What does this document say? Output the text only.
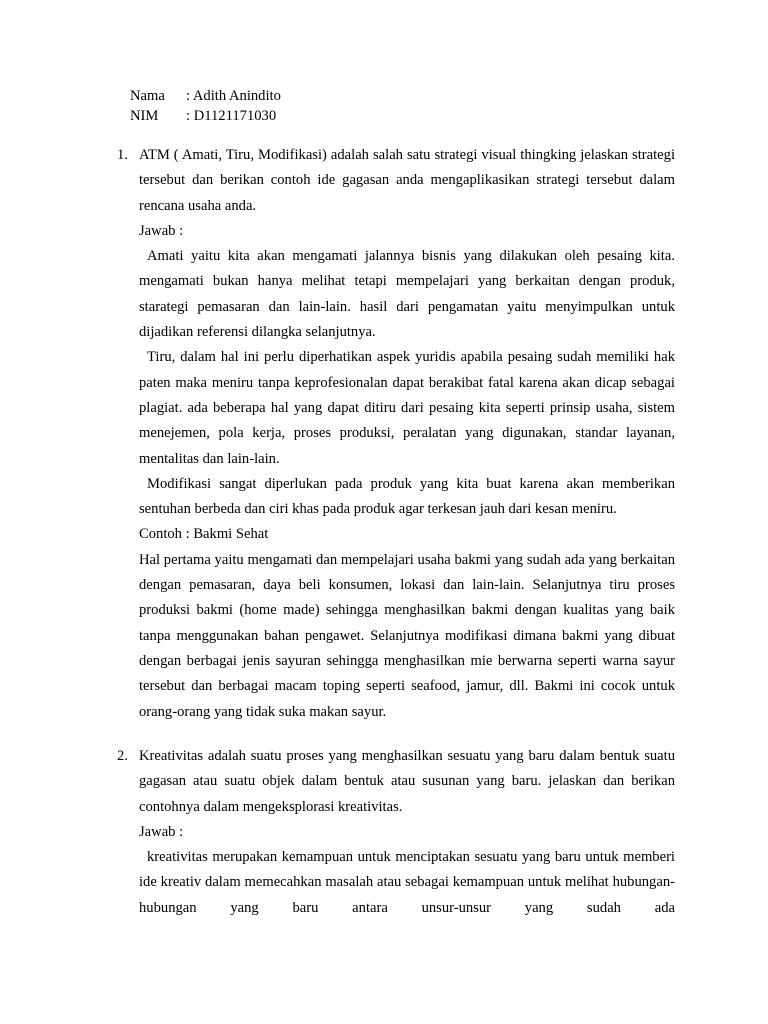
Nama	: Adith Anindito
NIM	: D1121171030
1. ATM ( Amati, Tiru, Modifikasi) adalah salah satu strategi visual thingking jelaskan strategi tersebut dan berikan contoh ide gagasan anda mengaplikasikan strategi tersebut dalam rencana usaha anda.

Jawab :

Amati yaitu kita akan mengamati jalannya bisnis yang dilakukan oleh pesaing kita. mengamati bukan hanya melihat tetapi mempelajari yang berkaitan dengan produk, starategi pemasaran dan lain-lain. hasil dari pengamatan yaitu menyimpulkan untuk dijadikan referensi dilangka selanjutnya.

Tiru, dalam hal ini perlu diperhatikan aspek yuridis apabila pesaing sudah memiliki hak paten maka meniru tanpa keprofesionalan dapat berakibat fatal karena akan dicap sebagai plagiat. ada beberapa hal yang dapat ditiru dari pesaing kita seperti prinsip usaha, sistem menejemen, pola kerja, proses produksi, peralatan yang digunakan, standar layanan, mentalitas dan lain-lain.

Modifikasi sangat diperlukan pada produk yang kita buat karena akan memberikan sentuhan berbeda dan ciri khas pada produk agar terkesan jauh dari kesan meniru.

Contoh : Bakmi Sehat

Hal pertama yaitu mengamati dan mempelajari usaha bakmi yang sudah ada yang berkaitan dengan pemasaran, daya beli konsumen, lokasi dan lain-lain. Selanjutnya tiru proses produksi bakmi (home made) sehingga menghasilkan bakmi dengan kualitas yang baik tanpa menggunakan bahan pengawet. Selanjutnya modifikasi dimana bakmi yang dibuat dengan berbagai jenis sayuran sehingga menghasilkan mie berwarna seperti warna sayur tersebut dan berbagai macam toping seperti seafood, jamur, dll. Bakmi ini cocok untuk orang-orang yang tidak suka makan sayur.

2. Kreativitas adalah suatu proses yang menghasilkan sesuatu yang baru dalam bentuk suatu gagasan atau suatu objek dalam bentuk atau susunan yang baru. jelaskan dan berikan contohnya dalam mengeksplorasi kreativitas.

Jawab :

kreativitas merupakan kemampuan untuk menciptakan sesuatu yang baru untuk memberi ide kreativ dalam memecahkan masalah atau sebagai kemampuan untuk melihat hubungan-hubungan yang baru antara unsur-unsur yang sudah ada
